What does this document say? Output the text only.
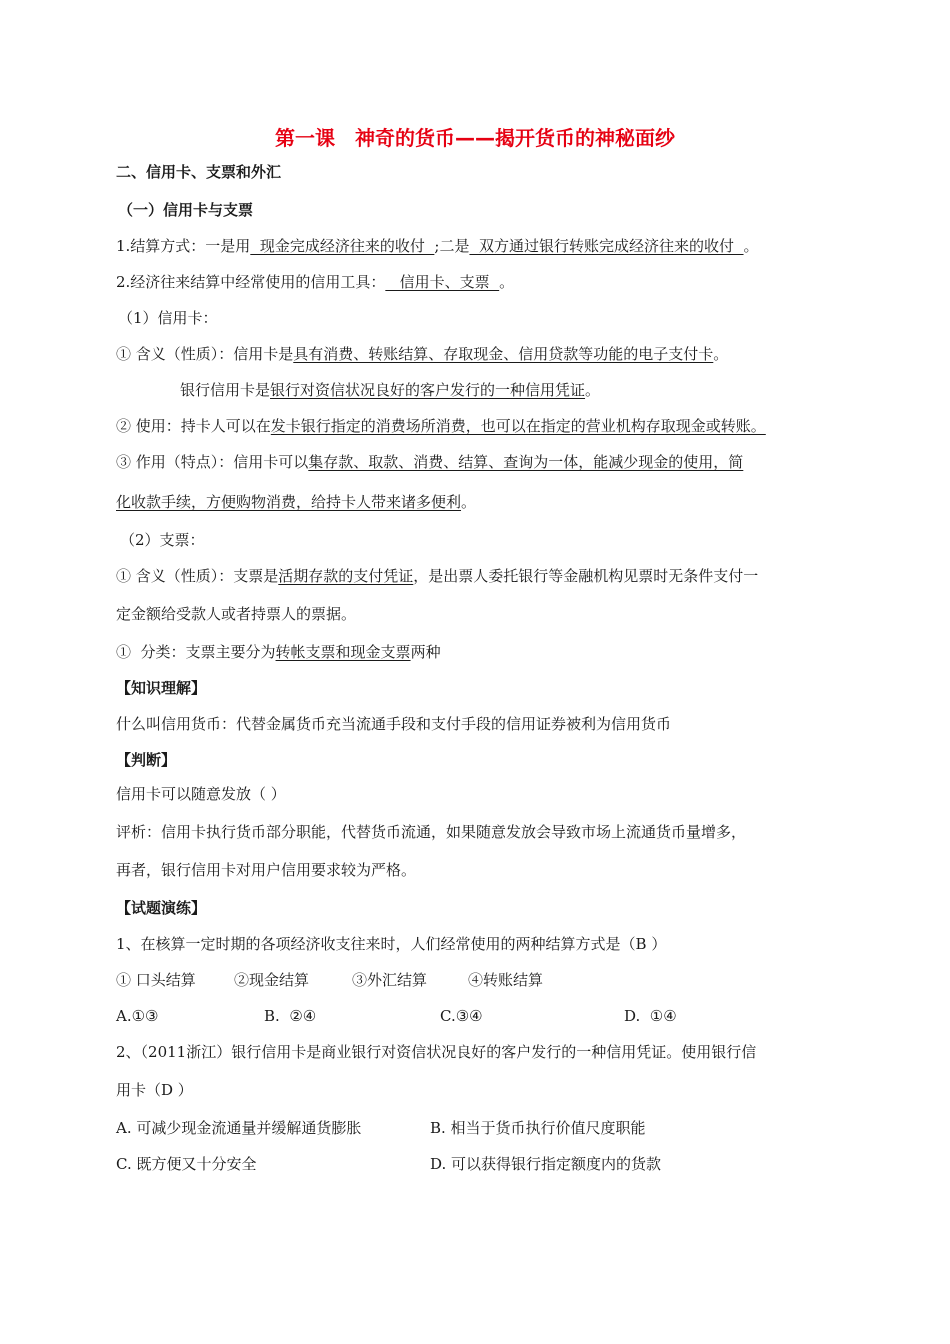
第一课　神奇的货币——揭开货币的神秘面纱
二、信用卡、支票和外汇
（一）信用卡与支票
1.结算方式：一是用  现金完成经济往来的收付  ;二是  双方通过银行转账完成经济往来的收付  。
2.经济往来结算中经常使用的信用工具：   信用卡、支票  。
（1）信用卡：
① 含义（性质）：信用卡是具有消费、转账结算、存取现金、信用贷款等功能的电子支付卡。
银行信用卡是银行对资信状况良好的客户发行的一种信用凭证。
② 使用：持卡人可以在发卡银行指定的消费场所消费，也可以在指定的营业机构存取现金或转账。
③ 作用（特点）：信用卡可以集存款、取款、消费、结算、查询为一体，能减少现金的使用，简
化收款手续，方便购物消费，给持卡人带来诸多便利。
（2）支票：
① 含义（性质）：支票是活期存款的支付凭证，是出票人委托银行等金融机构见票时无条件支付一
定金额给受款人或者持票人的票据。
①  分类：支票主要分为转帐支票和现金支票两种
【知识理解】
什么叫信用货币：代替金属货币充当流通手段和支付手段的信用证券被利为信用货币
【判断】
信用卡可以随意发放（ ）
评析：信用卡执行货币部分职能，代替货币流通，如果随意发放会导致市场上流通货币量增多，
再者，银行信用卡对用户信用要求较为严格。
【试题演练】
1、在核算一定时期的各项经济收支往来时，人们经常使用的两种结算方式是（B ）
① 口头结算	②现金结算	③外汇结算	④转账结算
A.①③	B.  ②④	C.③④	D.  ①④
2、（2011浙江）银行信用卡是商业银行对资信状况良好的客户发行的一种信用凭证。使用银行信
用卡（D ）
A. 可减少现金流通量并缓解通货膨胀	B. 相当于货币执行价值尺度职能
C. 既方便又十分安全	D. 可以获得银行指定额度内的货款
